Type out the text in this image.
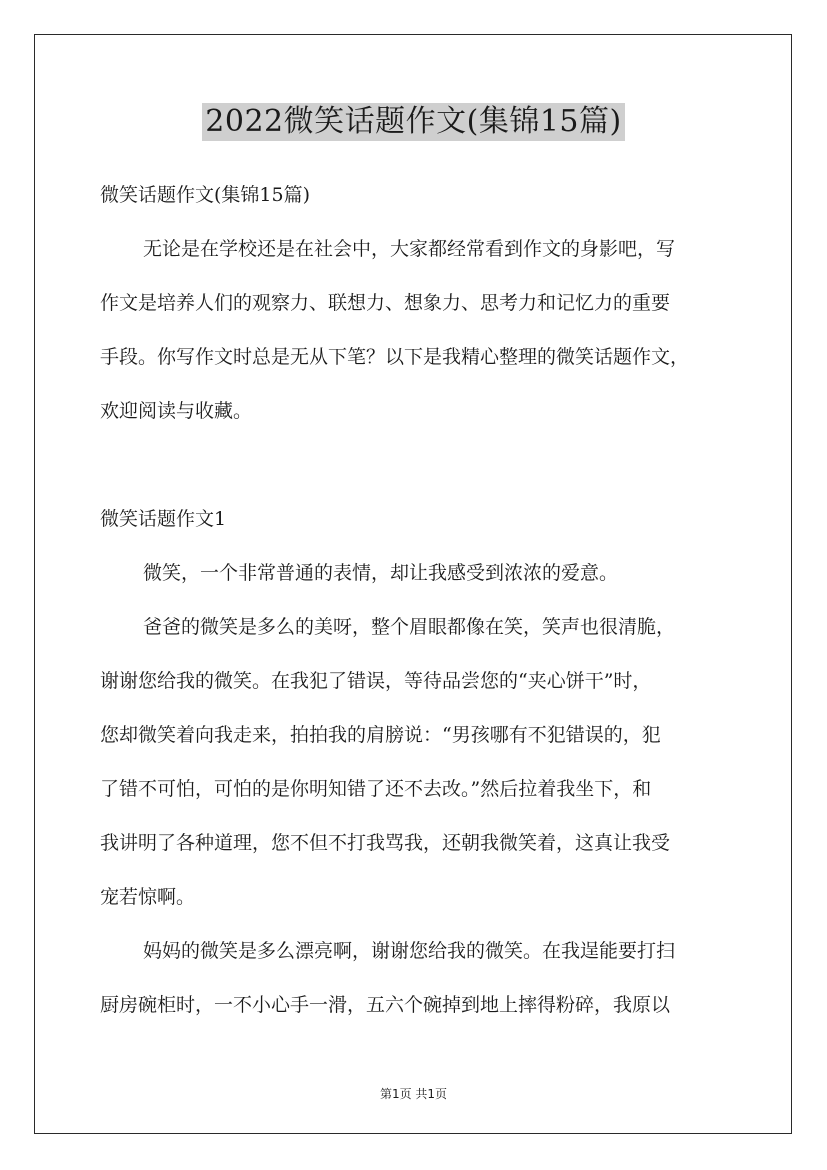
2022微笑话题作文(集锦15篇)
微笑话题作文(集锦15篇)
无论是在学校还是在社会中，大家都经常看到作文的身影吧，写
作文是培养人们的观察力、联想力、想象力、思考力和记忆力的重要
手段。你写作文时总是无从下笔？以下是我精心整理的微笑话题作文，
欢迎阅读与收藏。
微笑话题作文1
微笑，一个非常普通的表情，却让我感受到浓浓的爱意。
爸爸的微笑是多么的美呀，整个眉眼都像在笑，笑声也很清脆，
谢谢您给我的微笑。在我犯了错误，等待品尝您的“夹心饼干”时，
您却微笑着向我走来，拍拍我的肩膀说：“男孩哪有不犯错误的，犯
了错不可怕，可怕的是你明知错了还不去改。”然后拉着我坐下，和
我讲明了各种道理，您不但不打我骂我，还朝我微笑着，这真让我受
宠若惊啊。
妈妈的微笑是多么漂亮啊，谢谢您给我的微笑。在我逞能要打扫
厨房碗柜时，一不小心手一滑，五六个碗掉到地上摔得粉碎，我原以
第1页 共1页
